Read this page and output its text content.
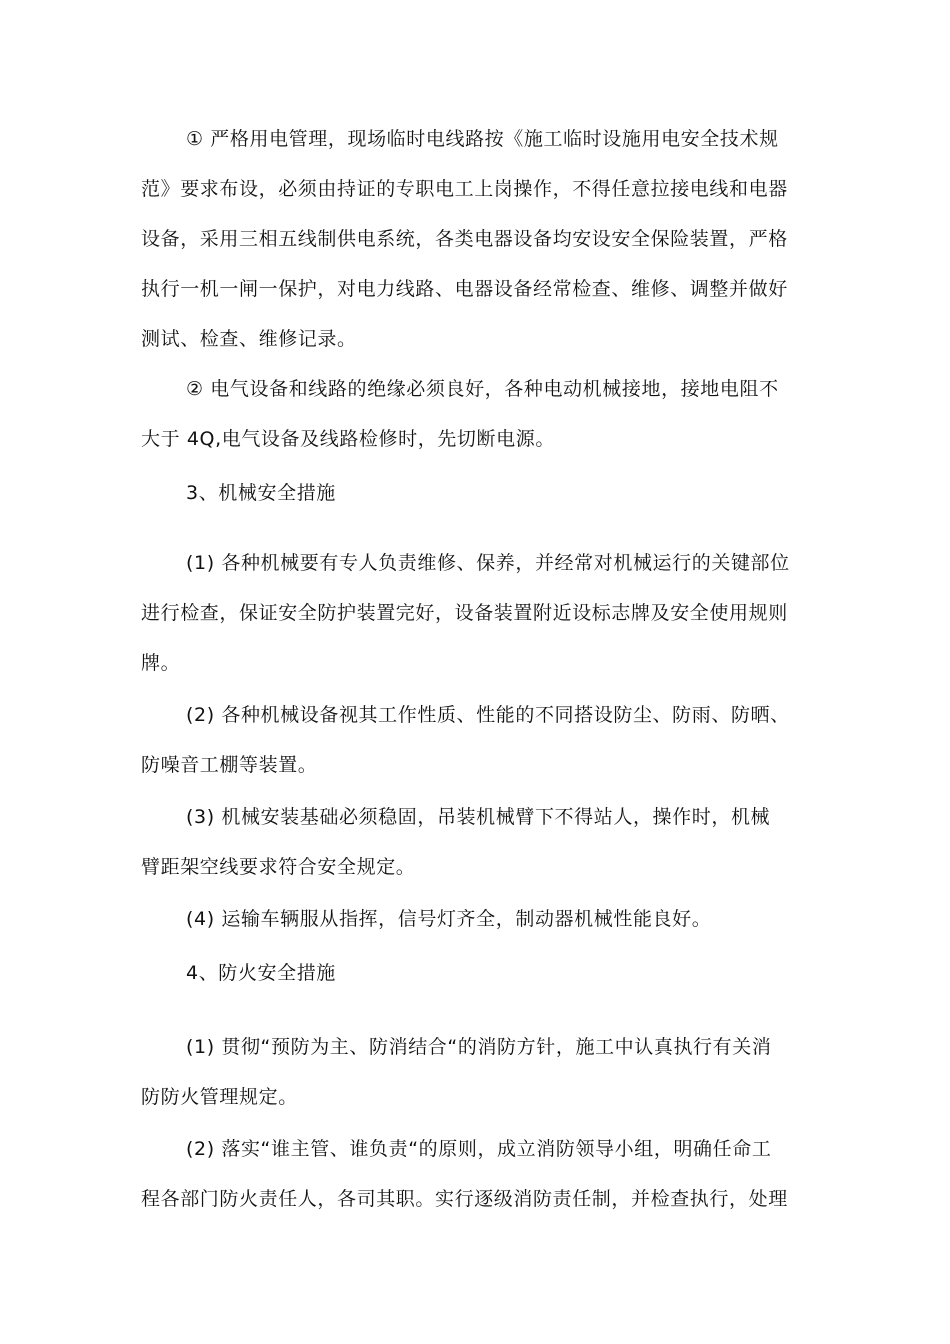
① 严格用电管理，现场临时电线路按《施工临时设施用电安全技术规
范》要求布设，必须由持证的专职电工上岗操作，不得任意拉接电线和电器
设备，采用三相五线制供电系统，各类电器设备均安设安全保险装置，严格
执行一机一闸一保护，对电力线路、电器设备经常检查、维修、调整并做好
测试、检查、维修记录。
② 电气设备和线路的绝缘必须良好，各种电动机械接地，接地电阻不
大于 4Q,电气设备及线路检修时，先切断电源。
3、机械安全措施
(1) 各种机械要有专人负责维修、保养，并经常对机械运行的关键部位
进行检查，保证安全防护装置完好，设备装置附近设标志牌及安全使用规则
牌。
(2) 各种机械设备视其工作性质、性能的不同搭设防尘、防雨、防晒、
防噪音工棚等装置。
(3) 机械安装基础必须稳固，吊装机械臂下不得站人，操作时，机械
臂距架空线要求符合安全规定。
(4) 运输车辆服从指挥，信号灯齐全，制动器机械性能良好。
4、防火安全措施
(1) 贯彻“预防为主、防消结合“的消防方针，施工中认真执行有关消
防防火管理规定。
(2) 落实“谁主管、谁负责“的原则，成立消防领导小组，明确任命工
程各部门防火责任人，各司其职。实行逐级消防责任制，并检查执行，处理
